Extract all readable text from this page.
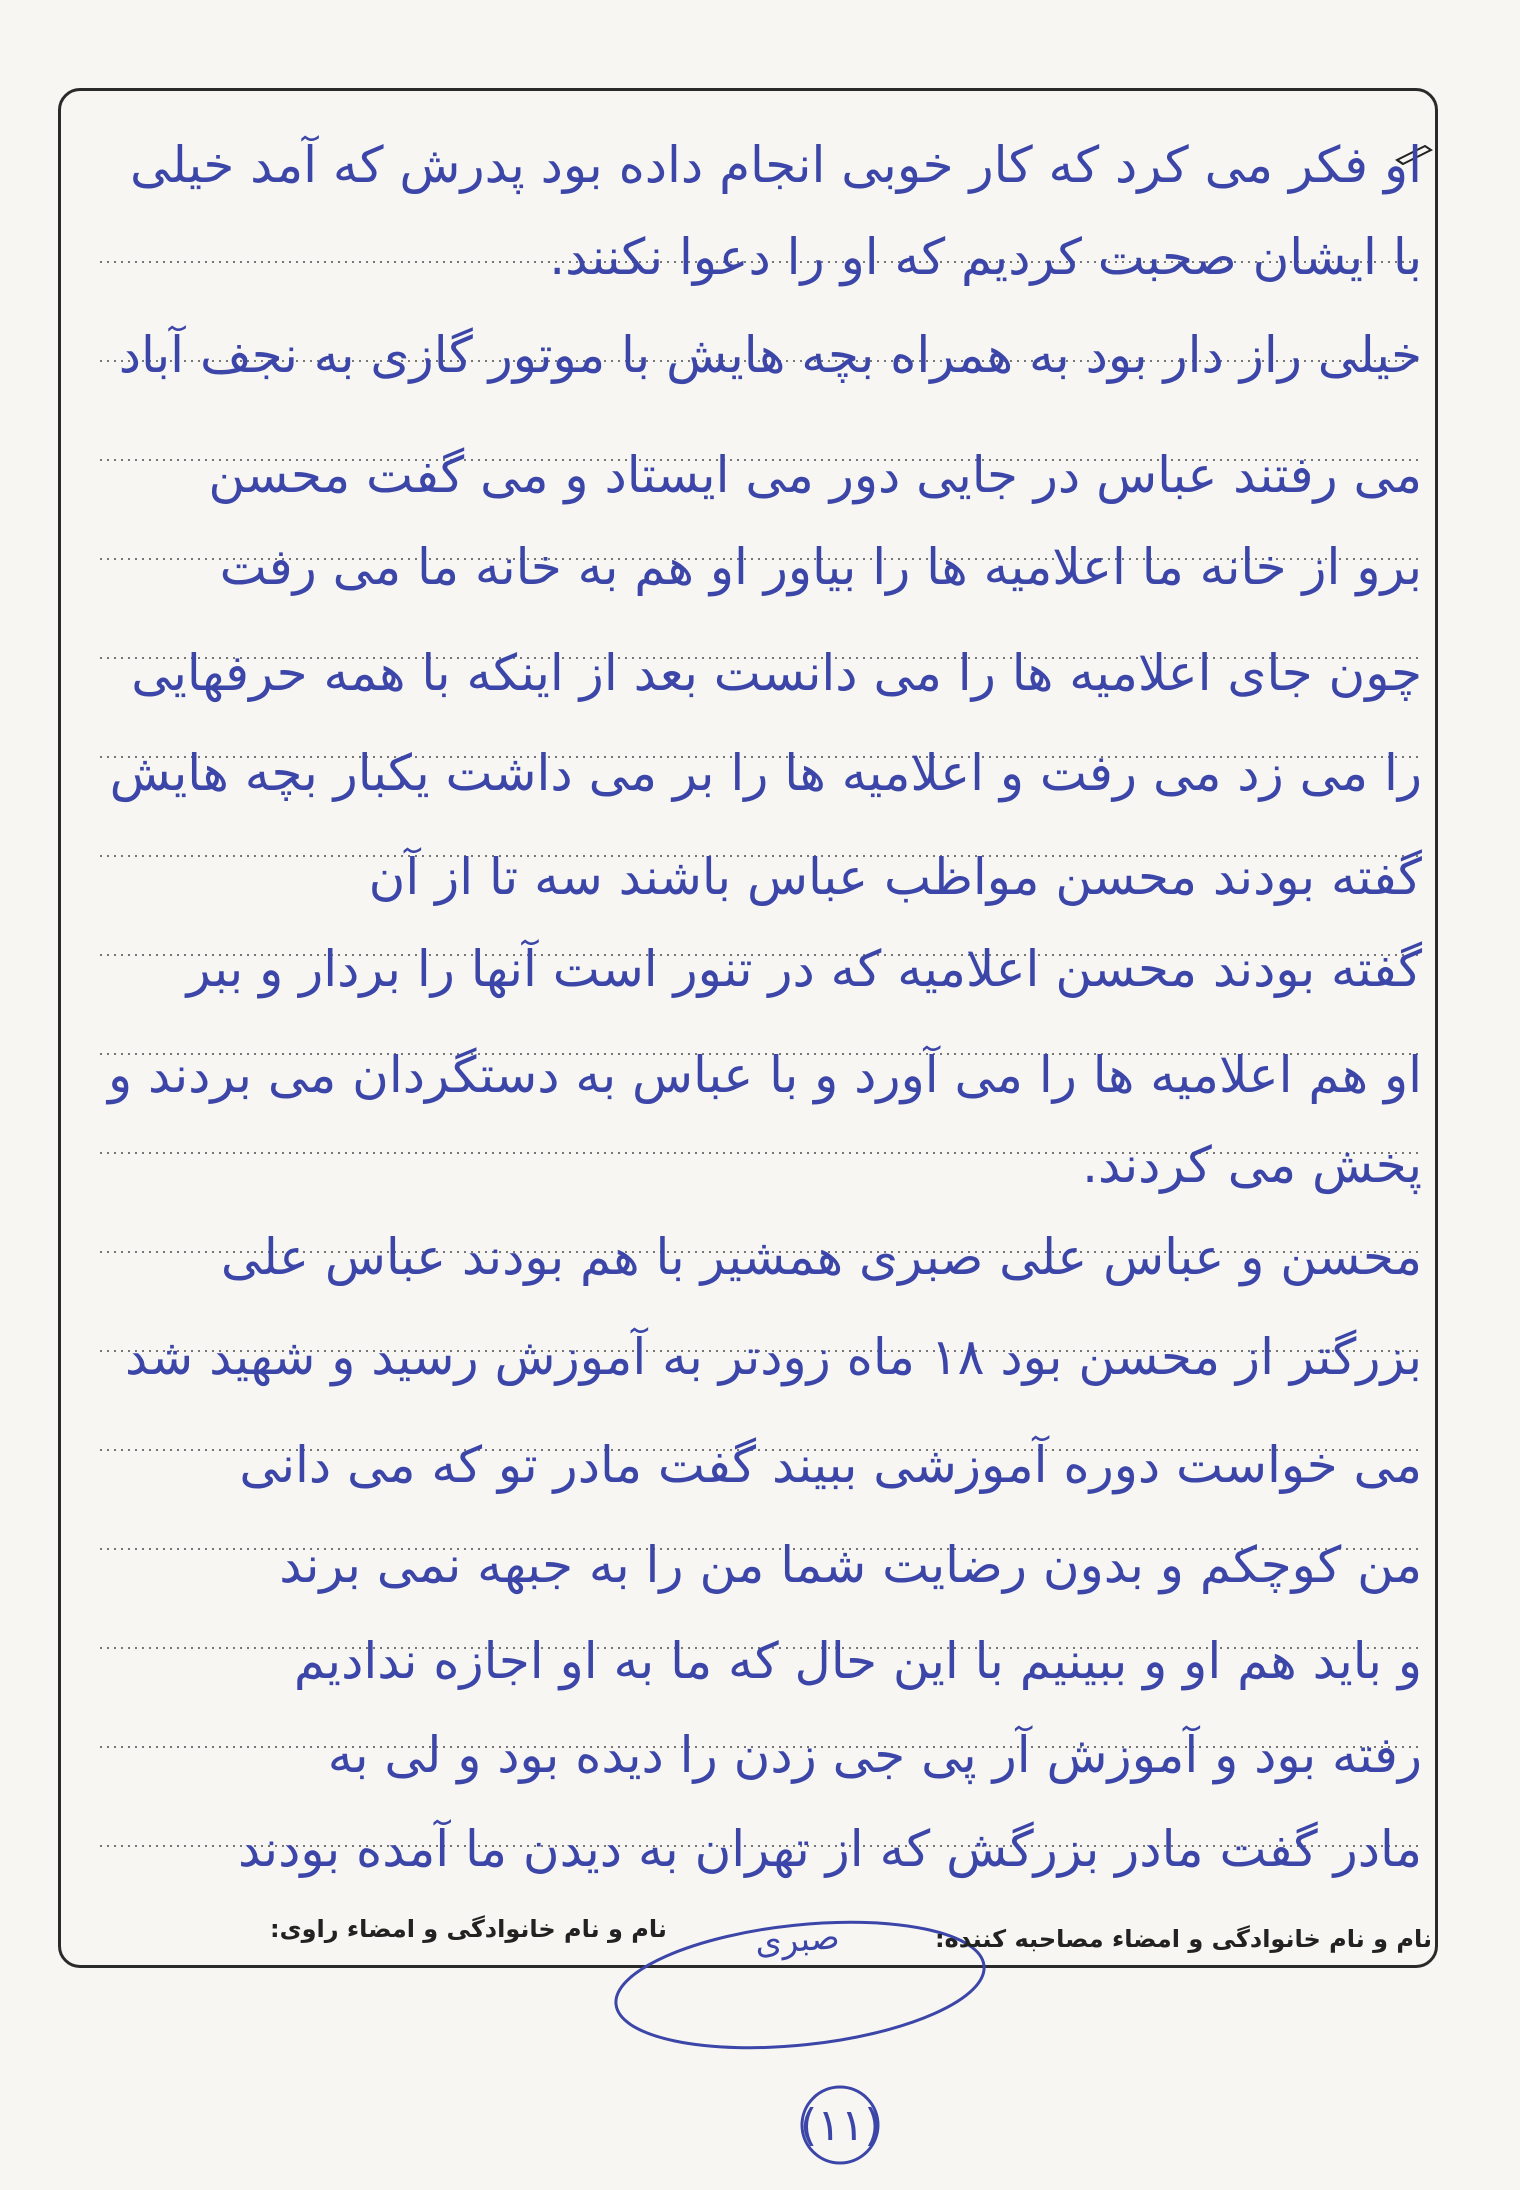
او فکر می کرد که کار خوبی انجام داده بود پدرش که آمد خیلی
با ایشان صحبت کردیم که او را دعوا نکنند.
خیلی راز دار بود به همراه بچه هایش با موتور گازی به نجف آباد
می رفتند عباس در جایی دور می ایستاد و می گفت محسن
برو از خانه ما اعلامیه ها را بیاور او هم به خانه ما می رفت
چون جای اعلامیه ها را می دانست بعد از اینکه با همه حرفهایی
را می زد می رفت و اعلامیه ها را بر می داشت یکبار بچه هایش
گفته بودند محسن مواظب عباس باشند سه تا از آن
گفته بودند محسن اعلامیه که در تنور است آنها را بردار و ببر
او هم اعلامیه ها را می آورد و با عباس به دستگردان می بردند و
پخش می کردند.
محسن و عباس علی صبری همشیر با هم بودند عباس علی
بزرگتر از محسن بود ۱۸ ماه زودتر به آموزش رسید و شهید شد
می خواست دوره آموزشی ببیند گفت مادر تو که می دانی
من کوچکم و بدون رضایت شما من را به جبهه نمی برند
و باید هم او و ببینیم با این حال که ما به او اجازه ندادیم
رفته بود و آموزش آر پی جی زدن را دیده بود و لی به
مادر گفت مادر بزرگش که از تهران به دیدن ما آمده بودند
نام و نام خانوادگی و امضاء مصاحبه کننده:
نام و نام خانوادگی و امضاء راوی:	صبری
(۱۱)
